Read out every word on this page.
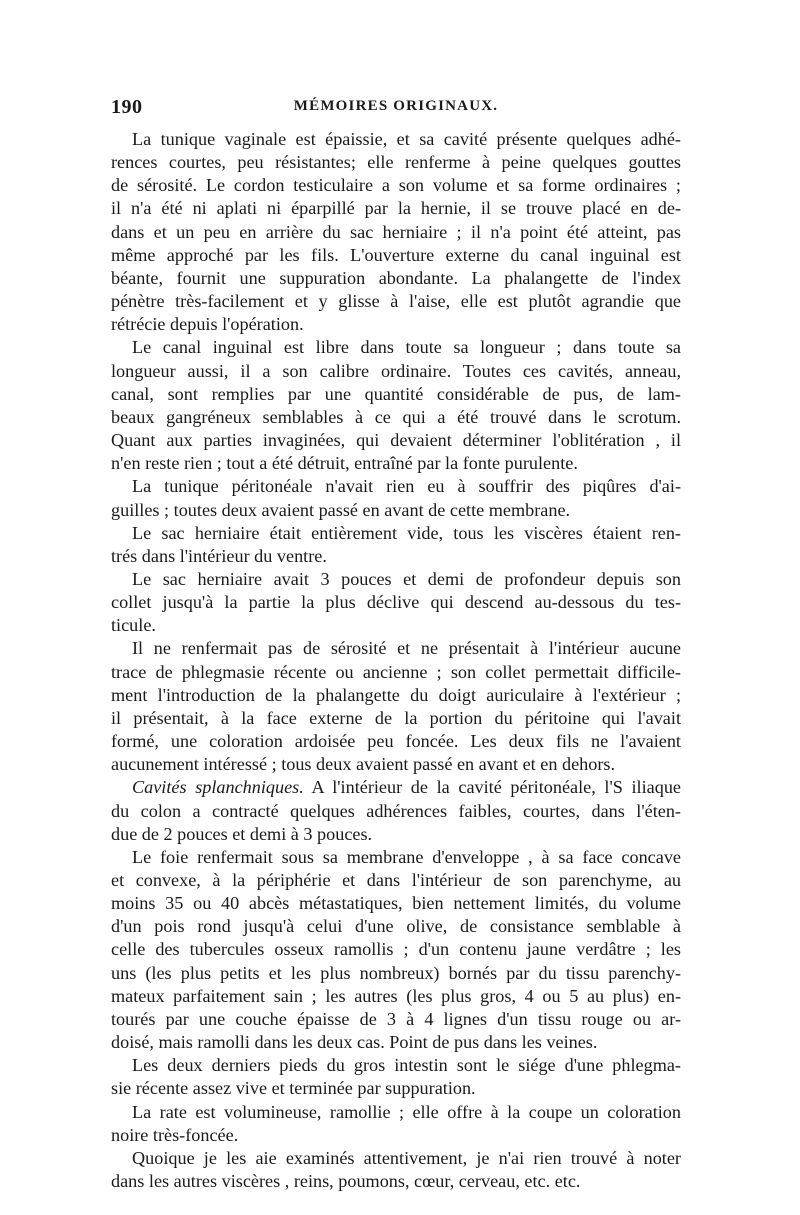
190	MÉMOIRES ORIGINAUX.

La tunique vaginale est épaissie, et sa cavité présente quelques adhé-
rences courtes, peu résistantes; elle renferme à peine quelques gouttes
de sérosité. Le cordon testiculaire a son volume et sa forme ordinaires ;
il n'a été ni aplati ni éparpillé par la hernie, il se trouve placé en de-
dans et un peu en arrière du sac herniaire ; il n'a point été atteint, pas
même approché par les fils. L'ouverture externe du canal inguinal est
béante, fournit une suppuration abondante. La phalangette de l'index
pénètre très-facilement et y glisse à l'aise, elle est plutôt agrandie que
rétrécie depuis l'opération.

Le canal inguinal est libre dans toute sa longueur ; dans toute sa
longueur aussi, il a son calibre ordinaire. Toutes ces cavités, anneau,
canal, sont remplies par une quantité considérable de pus, de lam-
beaux gangréneux semblables à ce qui a été trouvé dans le scrotum.
Quant aux parties invaginées, qui devaient déterminer l'oblitération , il
n'en reste rien ; tout a été détruit, entraîné par la fonte purulente.

La tunique péritonéale n'avait rien eu à souffrir des piqûres d'ai-
guilles ; toutes deux avaient passé en avant de cette membrane.

Le sac herniaire était entièrement vide, tous les viscères étaient ren-
trés dans l'intérieur du ventre.

Le sac herniaire avait 3 pouces et demi de profondeur depuis son
collet jusqu'à la partie la plus déclive qui descend au-dessous du tes-
ticule.

Il ne renfermait pas de sérosité et ne présentait à l'intérieur aucune
trace de phlegmasie récente ou ancienne ; son collet permettait difficile-
ment l'introduction de la phalangette du doigt auriculaire à l'extérieur ;
il présentait, à la face externe de la portion du péritoine qui l'avait
formé, une coloration ardoisée peu foncée. Les deux fils ne l'avaient
aucunement intéressé ; tous deux avaient passé en avant et en dehors.

Cavités splanchniques. A l'intérieur de la cavité péritonéale, l'S iliaque
du colon a contracté quelques adhérences faibles, courtes, dans l'éten-
due de 2 pouces et demi à 3 pouces.

Le foie renfermait sous sa membrane d'enveloppe , à sa face concave
et convexe, à la périphérie et dans l'intérieur de son parenchyme, au
moins 35 ou 40 abcès métastatiques, bien nettement limités, du volume
d'un pois rond jusqu'à celui d'une olive, de consistance semblable à
celle des tubercules osseux ramollis ; d'un contenu jaune verdâtre ; les
uns (les plus petits et les plus nombreux) bornés par du tissu parenchy-
mateux parfaitement sain ; les autres (les plus gros, 4 ou 5 au plus) en-
tourés par une couche épaisse de 3 à 4 lignes d'un tissu rouge ou ar-
doisé, mais ramolli dans les deux cas. Point de pus dans les veines.

Les deux derniers pieds du gros intestin sont le siége d'une phlegma-
sie récente assez vive et terminée par suppuration.

La rate est volumineuse, ramollie ; elle offre à la coupe un coloration
noire très-foncée.

Quoique je les aie examinés attentivement, je n'ai rien trouvé à noter
dans les autres viscères , reins, poumons, cœur, cerveau, etc. etc.
